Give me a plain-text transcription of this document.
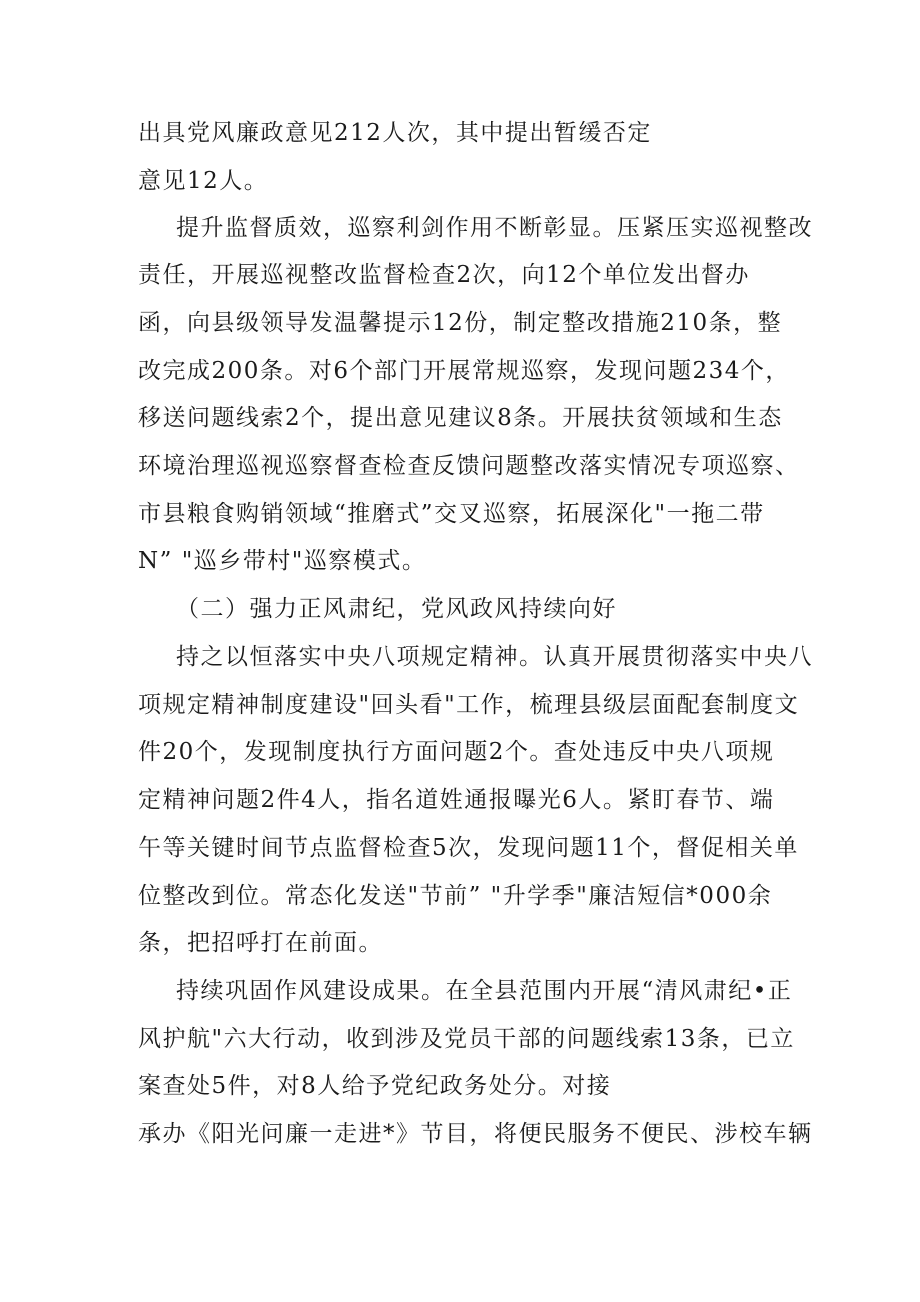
出具党风廉政意见212人次，其中提出暂缓否定
意见12人。
提升监督质效，巡察利剑作用不断彰显。压紧压实巡视整改
责任，开展巡视整改监督检查2次，向12个单位发出督办
函，向县级领导发温馨提示12份，制定整改措施210条，整
改完成200条。对6个部门开展常规巡察，发现问题234个，
移送问题线索2个，提出意见建议8条。开展扶贫领域和生态
环境治理巡视巡察督查检查反馈问题整改落实情况专项巡察、
市县粮食购销领域“推磨式”交叉巡察，拓展深化"一拖二带
N” "巡乡带村"巡察模式。
（二）强力正风肃纪，党风政风持续向好
持之以恒落实中央八项规定精神。认真开展贯彻落实中央八
项规定精神制度建设"回头看"工作，梳理县级层面配套制度文
件20个，发现制度执行方面问题2个。查处违反中央八项规
定精神问题2件4人，指名道姓通报曝光6人。紧盯春节、端
午等关键时间节点监督检查5次，发现问题11个，督促相关单
位整改到位。常态化发送"节前” "升学季"廉洁短信*000余
条，把招呼打在前面。
持续巩固作风建设成果。在全县范围内开展“清风肃纪•正
风护航"六大行动，收到涉及党员干部的问题线索13条，已立
案查处5件，对8人给予党纪政务处分。对接
承办《阳光问廉一走进*》节目，将便民服务不便民、涉校车辆
